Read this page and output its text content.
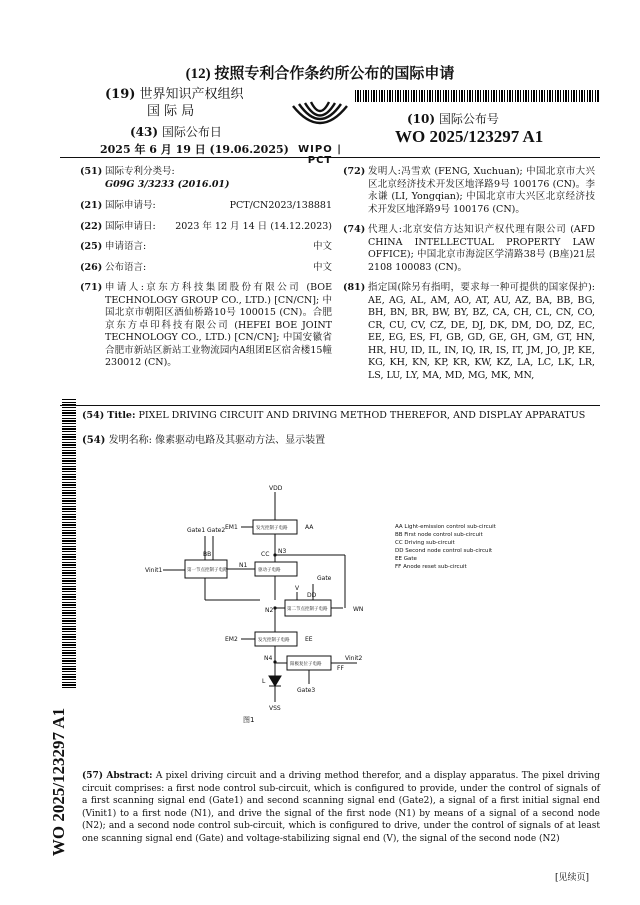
(12) 按照专利合作条约所公布的国际申请
(19) 世界知识产权组织
国 际 局
(43) 国际公布日
2025 年 6 月 19 日 (19.06.2025) WIPO | PCT
(10) 国际公布号
WO 2025/123297 A1
(51) 国际专利分类号:
G09G 3/3233 (2016.01)
(21) 国际申请号:	PCT/CN2023/138881
(22) 国际申请日: 2023 年 12 月 14 日 (14.12.2023)
(25) 申请语言:	中文
(26) 公布语言:	中文
(71) 申请人:京东方科技集团股份有限公司 (BOE TECHNOLOGY GROUP CO., LTD.) [CN/CN]; 中国北京市朝阳区酒仙桥路10号 100015 (CN)。合肥京东方卓印科技有限公司 (HEFEI BOE JOINT TECHNOLOGY CO., LTD.) [CN/CN]; 中国安徽省合肥市新站区新站工业物流园内A组团E区宿舍楼15幢 230012 (CN)。
(72) 发明人:冯雪欢 (FENG, Xuchuan); 中国北京市大兴区北京经济技术开发区地泽路9号 100176 (CN)。李永谦 (LI, Yongqian); 中国北京市大兴区北京经济技术开发区地泽路9号 100176 (CN)。
(74) 代理人:北京安信方达知识产权代理有限公司 (AFD CHINA INTELLECTUAL PROPERTY LAW OFFICE); 中国北京市海淀区学清路38号 (B座)21层2108 100083 (CN)。
(81) 指定国(除另有指明，要求每一种可提供的国家保护): AE, AG, AL, AM, AO, AT, AU, AZ, BA, BB, BG, BH, BN, BR, BW, BY, BZ, CA, CH, CL, CN, CO, CR, CU, CV, CZ, DE, DJ, DK, DM, DO, DZ, EC, EE, EG, ES, FI, GB, GD, GE, GH, GM, GT, HN, HR, HU, ID, IL, IN, IQ, IR, IS, IT, JM, JO, JP, KE, KG, KH, KN, KP, KR, KW, KZ, LA, LC, LK, LR, LS, LU, LY, MA, MD, MG, MK, MN,
WO 2025/123297 A1
(54) Title: PIXEL DRIVING CIRCUIT AND DRIVING METHOD THEREFOR, AND DISPLAY APPARATUS
(54) 发明名称: 像素驱动电路及其驱动方法、显示装置
VDD
EM1	AA
发光控制子电路
Gate1 Gate2
BB	CC N3
第一节点控制子电路
N1
驱动子电路
Vinit1
V
Gate
DD
N2	第二节点控制子电路	WN
EM2	发光控制子电路	EE
N4
阳极复位子电路
Vinit2
FF
L
Gate3
VSS
AA Light-emission control sub-circuit
BB First node control sub-circuit
CC Driving sub-circuit
DD Second node control sub-circuit
EE Gate
FF Anode reset sub-circuit
图1
(57) Abstract: A pixel driving circuit and a driving method therefor, and a display apparatus. The pixel driving circuit comprises: a first node control sub-circuit, which is configured to provide, under the control of signals of a first scanning signal end (Gate1) and second scanning signal end (Gate2), a signal of a first initial signal end (Vinit1) to a first node (N1), and drive the signal of the first node (N1) by means of a signal of a second node (N2); and a second node control sub-circuit, which is configured to drive, under the control of signals of at least one scanning signal end (Gate) and voltage-stabilizing signal end (V), the signal of the second node (N2)
[见续页]
